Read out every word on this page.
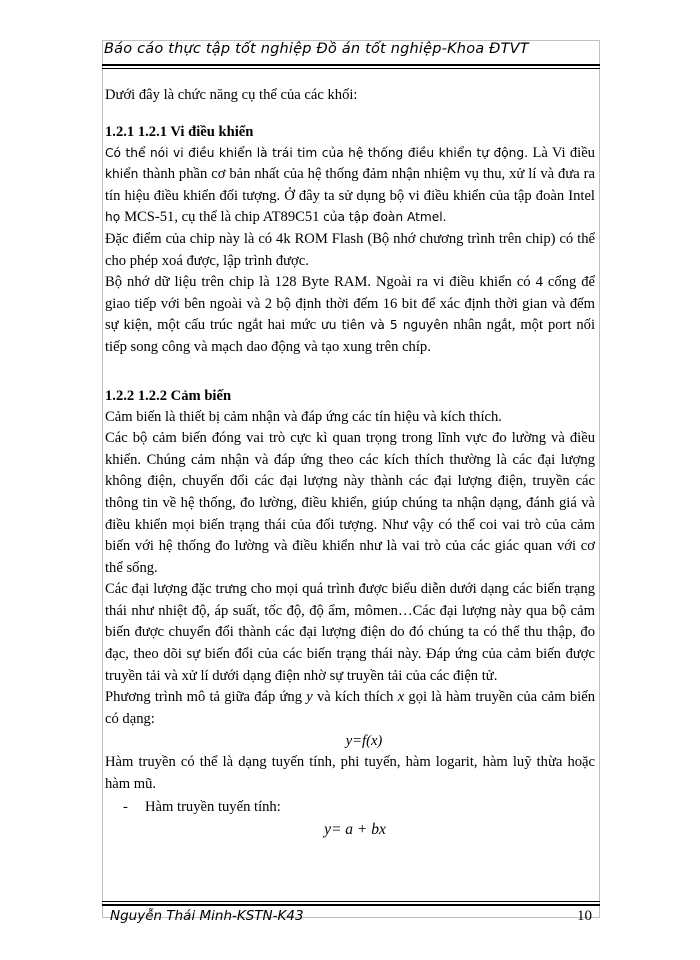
Báo cáo thực tập tốt nghiệp Đồ án tốt nghiệp-Khoa ĐTVT

Dưới đây là chức năng cụ thể của các khối:

1.2.1 1.2.1 Vi điều khiển

Có thể nói vi điều khiển là trái tim của hệ thống điều khiển tự động. Là Vi điều khiển thành phần cơ bản nhất của hệ thống đảm nhận nhiệm vụ thu, xử lí và đưa ra tín hiệu điều khiển đối tượng. Ở đây ta sử dụng bộ vi điều khiển của tập đoàn Intel họ MCS-51, cụ thể là chip AT89C51 của tập đoàn Atmel.

Đặc điểm của chip này là có 4k ROM Flash (Bộ nhớ chương trình trên chip) có thể cho phép xoá được, lập trình được.

Bộ nhớ dữ liệu trên chip là 128 Byte RAM. Ngoài ra vi điều khiển có 4 cổng để giao tiếp với bên ngoài và 2 bộ định thời đếm 16 bit để xác định thời gian và đếm sự kiện, một cấu trúc ngắt hai mức ưu tiên và 5 nguyên nhân ngắt, một port nối tiếp song công và mạch dao động và tạo xung trên chíp.

1.2.2 1.2.2 Cảm biến

Cảm biến là thiết bị cảm nhận và đáp ứng các tín hiệu và kích thích.

Các bộ cảm biến đóng vai trò cực kì quan trọng trong lĩnh vực đo lường và điều khiển. Chúng cảm nhận và đáp ứng theo các kích thích thường là các đại lượng không điện, chuyển đổi các đại lượng này thành các đại lượng điện, truyền các thông tin về hệ thống, đo lường, điều khiển, giúp chúng ta nhận dạng, đánh giá và điều khiển mọi biến trạng thái của đối tượng. Như vậy có thể coi vai trò của cảm biến với hệ thống đo lường và điều khiển như là vai trò của các giác quan với cơ thể sống.

Các đại lượng đặc trưng cho mọi quá trình được biểu diễn dưới dạng các biến trạng thái như nhiệt độ, áp suất, tốc độ, độ ẩm, mômen…Các đại lượng này qua bộ cảm biến được chuyển đổi thành các đại lượng điện do đó chúng ta có thể thu thập, đo đạc, theo dõi sự biến đổi của các biến trạng thái này. Đáp ứng của cảm biến được truyền tải và xử lí dưới dạng điện nhờ sự truyền tải của các điện tử.

Phương trình mô tả giữa đáp ứng y và kích thích x gọi là hàm truyền của cảm biến có dạng:

y=f(x)

Hàm truyền có thể là dạng tuyến tính, phi tuyến, hàm logarit, hàm luỹ thừa hoặc hàm mũ.

- Hàm truyền tuyến tính:

y= a + bx

Nguyễn Thái Minh-KSTN-K43	10
